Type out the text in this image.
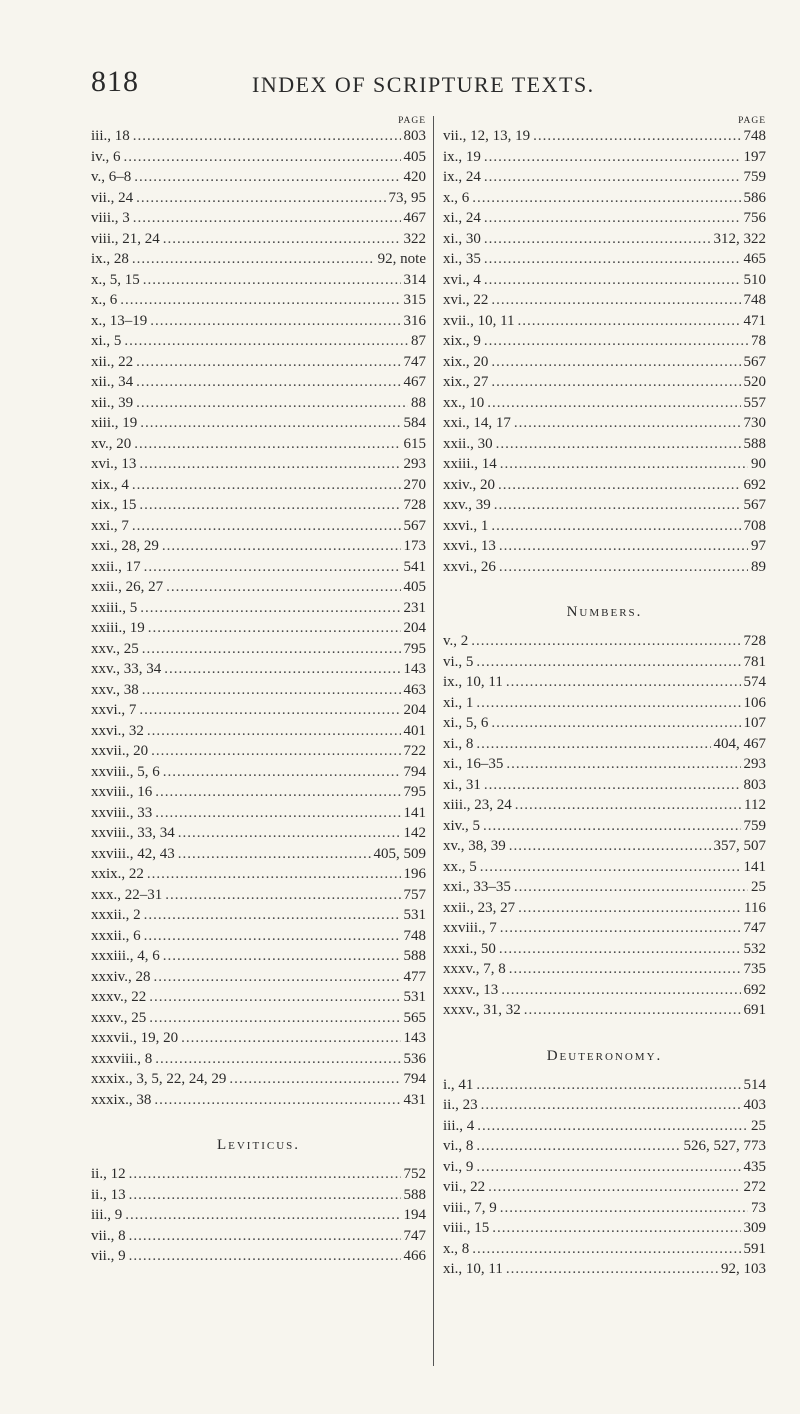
818	INDEX OF SCRIPTURE TEXTS.
PAGE
iii., 18 .....	803
iv., 6 .....	405
v., 6–8 .....	420
vii., 24 .....	73, 95
viii., 3 .....	467
viii., 21, 24 .....	322
ix., 28 .....	92, note
x., 5, 15 .....	314
x., 6 .....	315
x., 13–19 .....	316
xi., 5 .....	87
xii., 22 .....	747
xii., 34 .....	467
xii., 39 .....	88
xiii., 19 .....	584
xv., 20 .....	615
xvi., 13 .....	293
xix., 4 .....	270
xix., 15 .....	728
xxi., 7 .....	567
xxi., 28, 29 .....	173
xxii., 17 .....	541
xxii., 26, 27 .....	405
xxiii., 5 .....	231
xxiii., 19 .....	204
xxv., 25 .....	795
xxv., 33, 34 .....	143
xxv., 38 .....	463
xxvi., 7 .....	204
xxvi., 32 .....	401
xxvii., 20 .....	722
xxviii., 5, 6 .....	794
xxviii., 16 .....	795
xxviii., 33 .....	141
xxviii., 33, 34 .....	142
xxviii., 42, 43 .....	405, 509
xxix., 22 .....	196
xxx., 22–31 .....	757
xxxii., 2 .....	531
xxxii., 6 .....	748
xxxiii., 4, 6 .....	588
xxxiv., 28 .....	477
xxxv., 22 .....	531
xxxv., 25 .....	565
xxxvii., 19, 20 .....	143
xxxviii., 8 .....	536
xxxix., 3, 5, 22, 24, 29 .....	794
xxxix., 38 .....	431
Leviticus.
ii., 12 .....	752
ii., 13 .....	588
iii., 9 .....	194
vii., 8 .....	747
vii., 9 .....	466
PAGE
vii., 12, 13, 19 .....	748
ix., 19 .....	197
ix., 24 .....	759
x., 6 .....	586
xi., 24 .....	756
xi., 30 .....	312, 322
xi., 35 .....	465
xvi., 4 .....	510
xvi., 22 .....	748
xvii., 10, 11 .....	471
xix., 9 .....	78
xix., 20 .....	567
xix., 27 .....	520
xx., 10 .....	557
xxi., 14, 17 .....	730
xxii., 30 .....	588
xxiii., 14 .....	90
xxiv., 20 .....	692
xxv., 39 .....	567
xxvi., 1 .....	708
xxvi., 13 .....	97
xxvi., 26 .....	89
Numbers.
v., 2 .....	728
vi., 5 .....	781
ix., 10, 11 .....	574
xi., 1 .....	106
xi., 5, 6 .....	107
xi., 8 .....	404, 467
xi., 16–35 .....	293
xi., 31 .....	803
xiii., 23, 24 .....	112
xiv., 5 .....	759
xv., 38, 39 .....	357, 507
xx., 5 .....	141
xxi., 33–35 .....	25
xxii., 23, 27 .....	116
xxviii., 7 .....	747
xxxi., 50 .....	532
xxxv., 7, 8 .....	735
xxxv., 13 .....	692
xxxv., 31, 32 .....	691
Deuteronomy.
i., 41 .....	514
ii., 23 .....	403
iii., 4 .....	25
vi., 8 .....	526, 527, 773
vi., 9 .....	435
vii., 22 .....	272
viii., 7, 9 .....	73
viii., 15 .....	309
x., 8 .....	591
xi., 10, 11 .....	92, 103
